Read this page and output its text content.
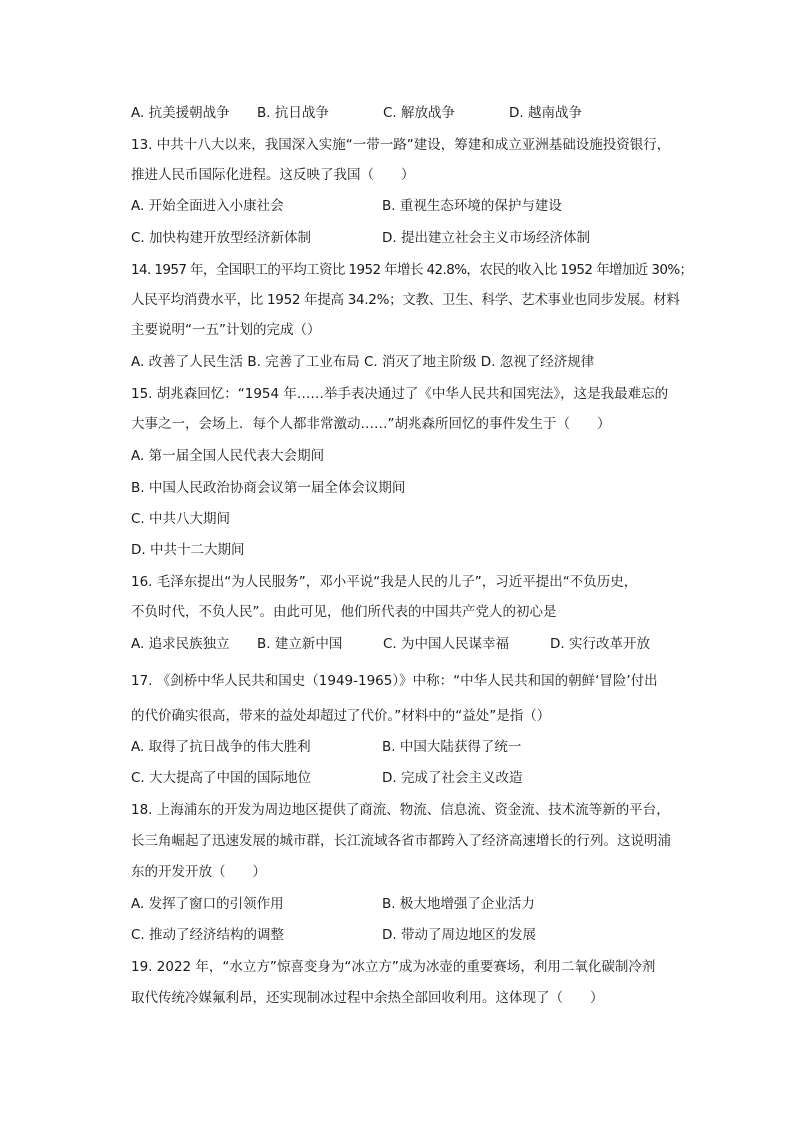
A. 抗美援朝战争 B. 抗日战争	C. 解放战争	D. 越南战争
13. 中共十八大以来，我国深入实施“一带一路”建设，筹建和成立亚洲基础设施投资银行，
推进人民币国际化进程。这反映了我国（　　）
A. 开始全面进入小康社会	B. 重视生态环境的保护与建设
C. 加快构建开放型经济新体制	D. 提出建立社会主义市场经济体制
14. 1957 年，全国职工的平均工资比 1952 年增长 42.8%，农民的收入比 1952 年增加近 30%；
人民平均消费水平，比 1952 年提高 34.2%；文教、卫生、科学、艺术事业也同步发展。材料
主要说明“一五”计划的完成（）
A. 改善了人民生活 B. 完善了工业布局 C. 消灭了地主阶级 D. 忽视了经济规律
15. 胡兆森回忆：“1954 年……举手表决通过了《中华人民共和国宪法》，这是我最难忘的
大事之一，会场上．每个人都非常激动……”胡兆森所回忆的事件发生于（　　）
A. 第一届全国人民代表大会期间
B. 中国人民政治协商会议第一届全体会议期间
C. 中共八大期间
D. 中共十二大期间
16. 毛泽东提出“为人民服务”，邓小平说“我是人民的儿子”，习近平提出“不负历史，
不负时代，不负人民”。由此可见，他们所代表的中国共产党人的初心是
A. 追求民族独立 B. 建立新中国	C. 为中国人民谋幸福	D. 实行改革开放
17. 《剑桥中华人民共和国史（1949-1965）》中称：“中华人民共和国的朝鲜‘冒险’付出
的代价确实很高，带来的益处却超过了代价。”材料中的“益处”是指（）
A. 取得了抗日战争的伟大胜利	B. 中国大陆获得了统一
C. 大大提高了中国的国际地位	D. 完成了社会主义改造
18. 上海浦东的开发为周边地区提供了商流、物流、信息流、资金流、技术流等新的平台，
长三角崛起了迅速发展的城市群，长江流域各省市都跨入了经济高速增长的行列。这说明浦
东的开发开放（　　）
A. 发挥了窗口的引领作用	B. 极大地增强了企业活力
C. 推动了经济结构的调整	D. 带动了周边地区的发展
19. 2022 年，“水立方”惊喜变身为“冰立方”成为冰壶的重要赛场，利用二氧化碳制冷剂
取代传统冷媒氟利昂，还实现制冰过程中余热全部回收利用。这体现了（　　）
